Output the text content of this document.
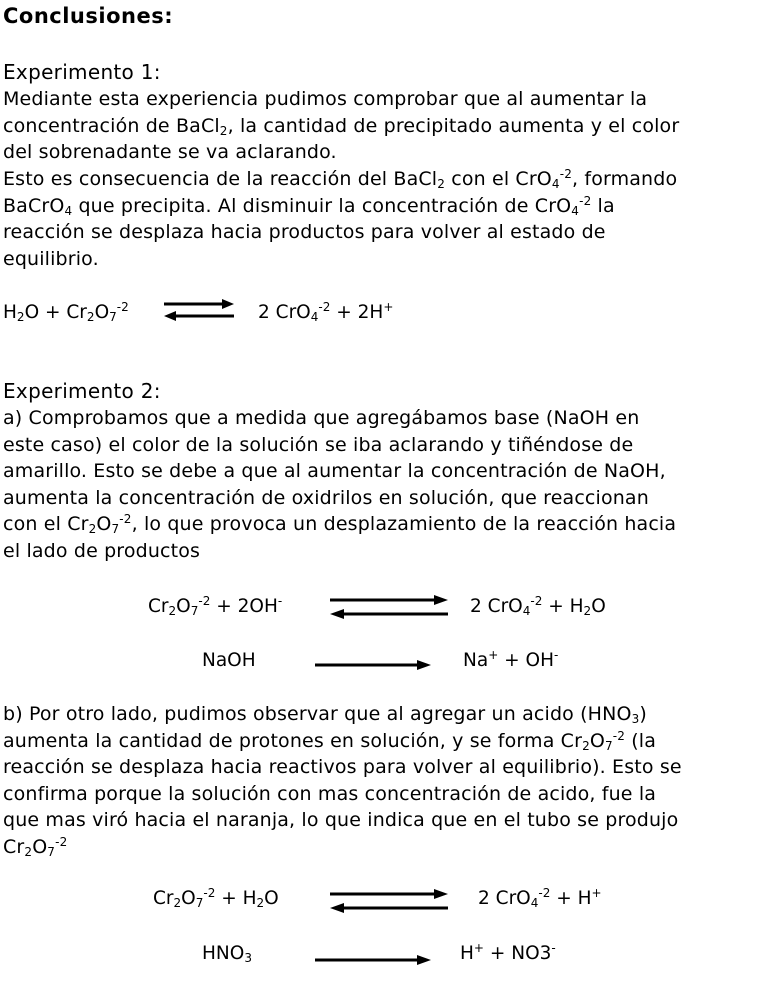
Conclusiones:
Experimento 1:
Mediante esta experiencia pudimos comprobar que al aumentar la
concentración de BaCl$_2$, la cantidad de precipitado aumenta y el color
del sobrenadante se va aclarando.
Esto es consecuencia de la reacción del BaCl$_2$ con el CrO$_4^{-2}$, formando
BaCrO$_4$ que precipita. Al disminuir la concentración de CrO$_4^{-2}$ la
reacción se desplaza hacia productos para volver al estado de
equilibrio.
$H_2O + Cr_2O_7^{-2}$	2 CrO$_4^{-2}$ + 2H+
Experimento 2:
a) Comprobamos que a medida que agregábamos base (NaOH en
este caso) el color de la solución se iba aclarando y tiñéndose de
amarillo. Esto se debe a que al aumentar la concentración de NaOH,
aumenta la concentración de oxidrilos en solución, que reaccionan
con el $Cr_2O_7^{-2}$, lo que provoca un desplazamiento de la reacción hacia
el lado de productos
$Cr_2O_7^{-2} + 2OH^-$	2 $CrO_4^{-2} + H_2O$
NaOH	Na+ + OH-
b) Por otro lado, pudimos observar que al agregar un acido $(HNO_3)$
aumenta la cantidad de protones en solución, y se forma $Cr_2O_7^{-2}$ (la
reacción se desplaza hacia reactivos para volver al equilibrio). Esto se
confirma porque la solución con mas concentración de acido, fue la
que mas viró hacia el naranja, lo que indica que en el tubo se produjo
$Cr_2O_7^{-2}$
$Cr_2O_7^{-2} + H_2O$	2 CrO$_4^{-2}$ + H+
$HNO_3$	H+ + NO3-
